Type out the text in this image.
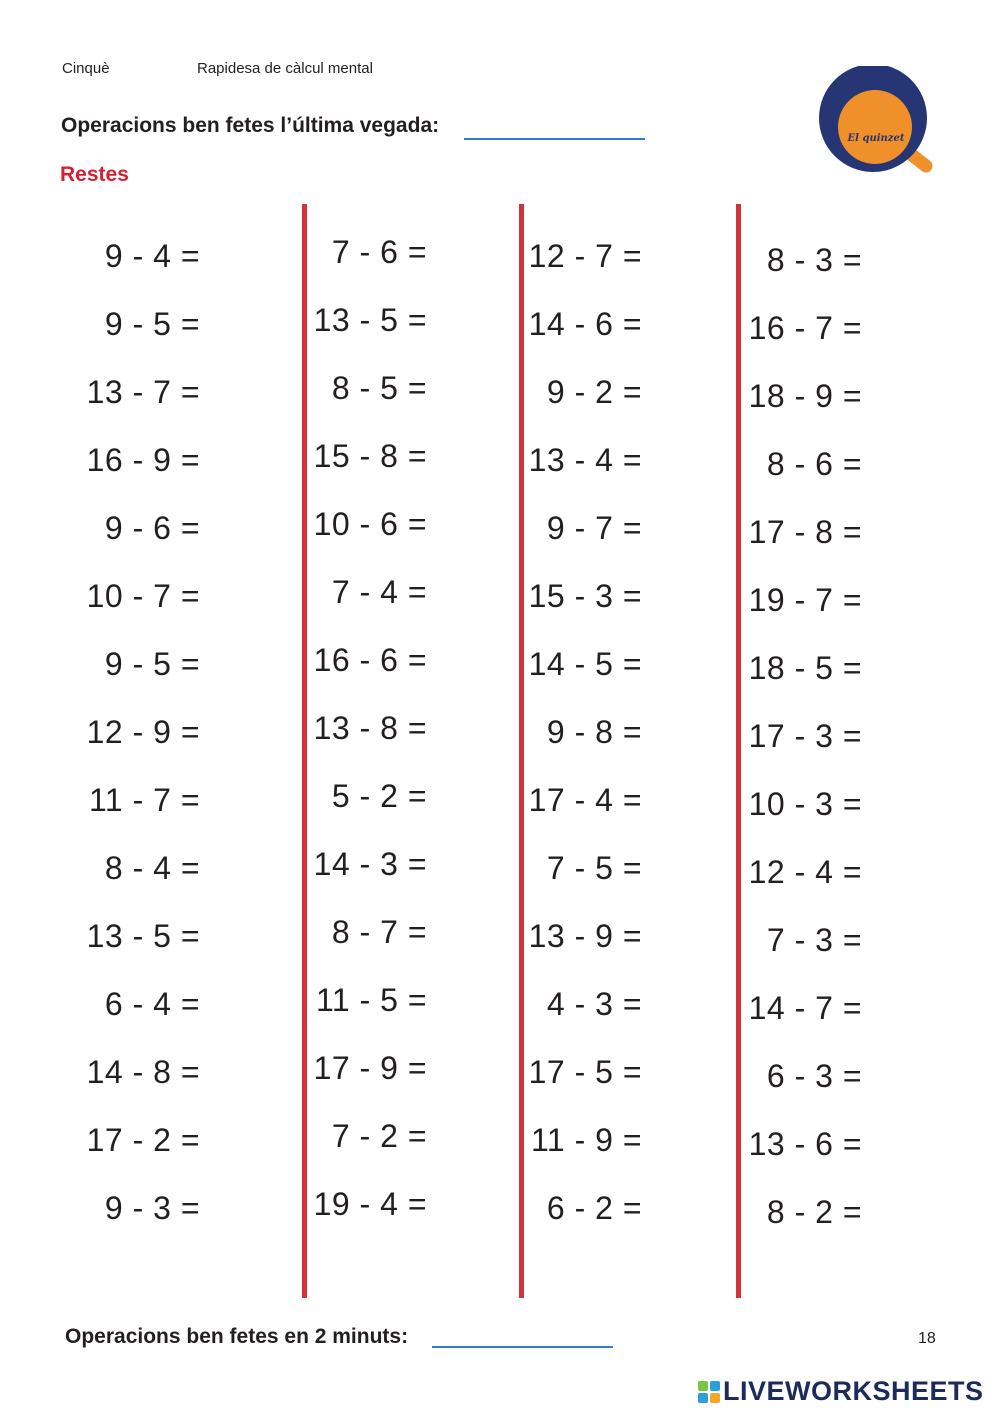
Cinquè	Rapidesa de càlcul mental
Operacions ben fetes l’última vegada:
Restes
El quinzet
9 - 4 =
9 - 5 =
13 - 7 =
16 - 9 =
9 - 6 =
10 - 7 =
9 - 5 =
12 - 9 =
11 - 7 =
8 - 4 =
13 - 5 =
6 - 4 =
14 - 8 =
17 - 2 =
9 - 3 =
7 - 6 =
13 - 5 =
8 - 5 =
15 - 8 =
10 - 6 =
7 - 4 =
16 - 6 =
13 - 8 =
5 - 2 =
14 - 3 =
8 - 7 =
11 - 5 =
17 - 9 =
7 - 2 =
19 - 4 =
12 - 7 =
14 - 6 =
9 - 2 =
13 - 4 =
9 - 7 =
15 - 3 =
14 - 5 =
9 - 8 =
17 - 4 =
7 - 5 =
13 - 9 =
4 - 3 =
17 - 5 =
11 - 9 =
6 - 2 =
8 - 3 =
16 - 7 =
18 - 9 =
8 - 6 =
17 - 8 =
19 - 7 =
18 - 5 =
17 - 3 =
10 - 3 =
12 - 4 =
7 - 3 =
14 - 7 =
6 - 3 =
13 - 6 =
8 - 2 =
Operacions ben fetes en 2 minuts:	18
LIVEWORKSHEETS
